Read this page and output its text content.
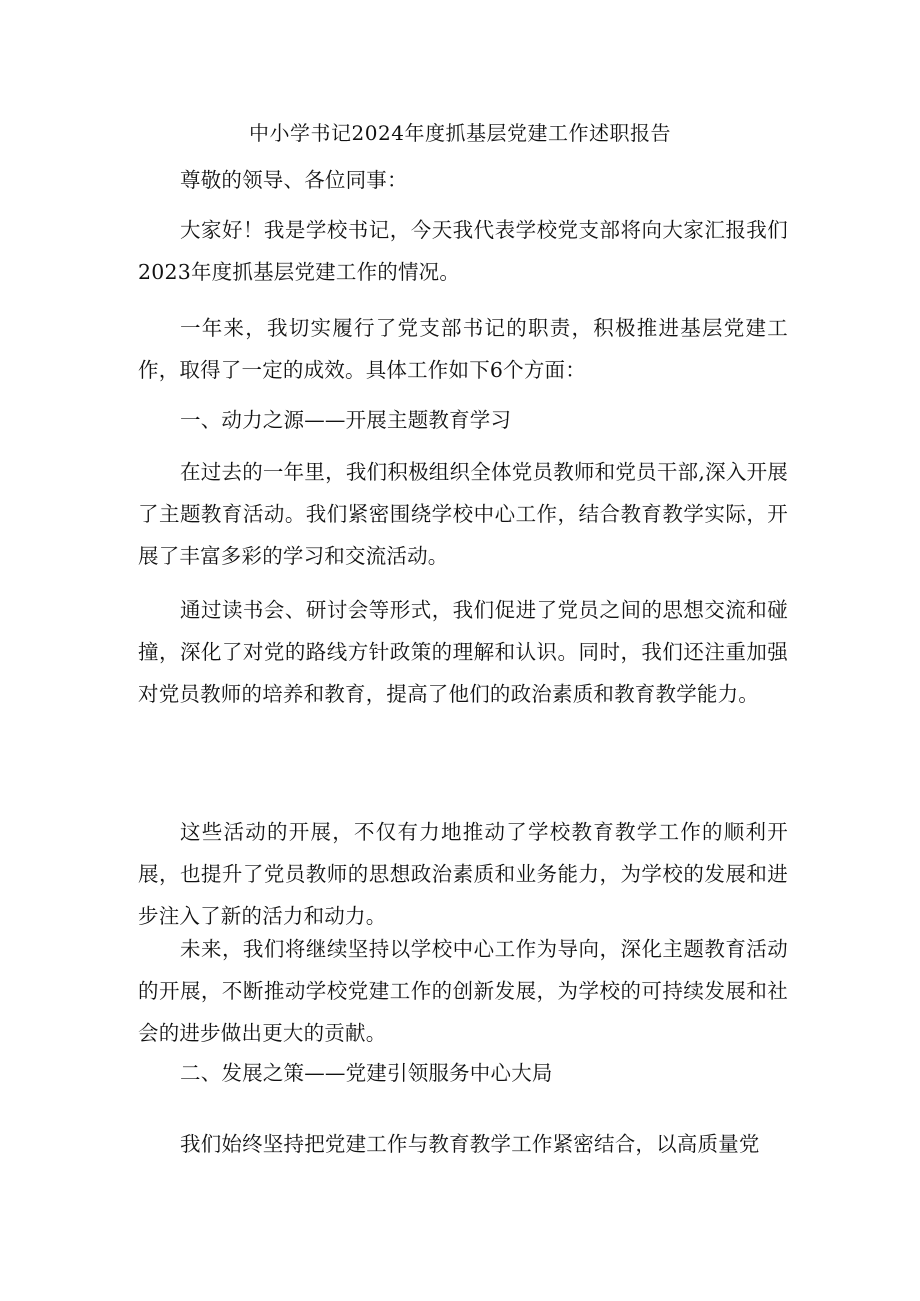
中小学书记2024年度抓基层党建工作述职报告

尊敬的领导、各位同事：

大家好！我是学校书记，今天我代表学校党支部将向大家汇报我们2023年度抓基层党建工作的情况。

一年来，我切实履行了党支部书记的职责，积极推进基层党建工作，取得了一定的成效。具体工作如下6个方面：

一、动力之源——开展主题教育学习

在过去的一年里，我们积极组织全体党员教师和党员干部,深入开展了主题教育活动。我们紧密围绕学校中心工作，结合教育教学实际，开展了丰富多彩的学习和交流活动。

通过读书会、研讨会等形式，我们促进了党员之间的思想交流和碰撞，深化了对党的路线方针政策的理解和认识。同时，我们还注重加强对党员教师的培养和教育，提高了他们的政治素质和教育教学能力。

这些活动的开展，不仅有力地推动了学校教育教学工作的顺利开展，也提升了党员教师的思想政治素质和业务能力，为学校的发展和进步注入了新的活力和动力。

未来，我们将继续坚持以学校中心工作为导向，深化主题教育活动的开展，不断推动学校党建工作的创新发展，为学校的可持续发展和社会的进步做出更大的贡献。

二、发展之策——党建引领服务中心大局

我们始终坚持把党建工作与教育教学工作紧密结合，以高质量党
